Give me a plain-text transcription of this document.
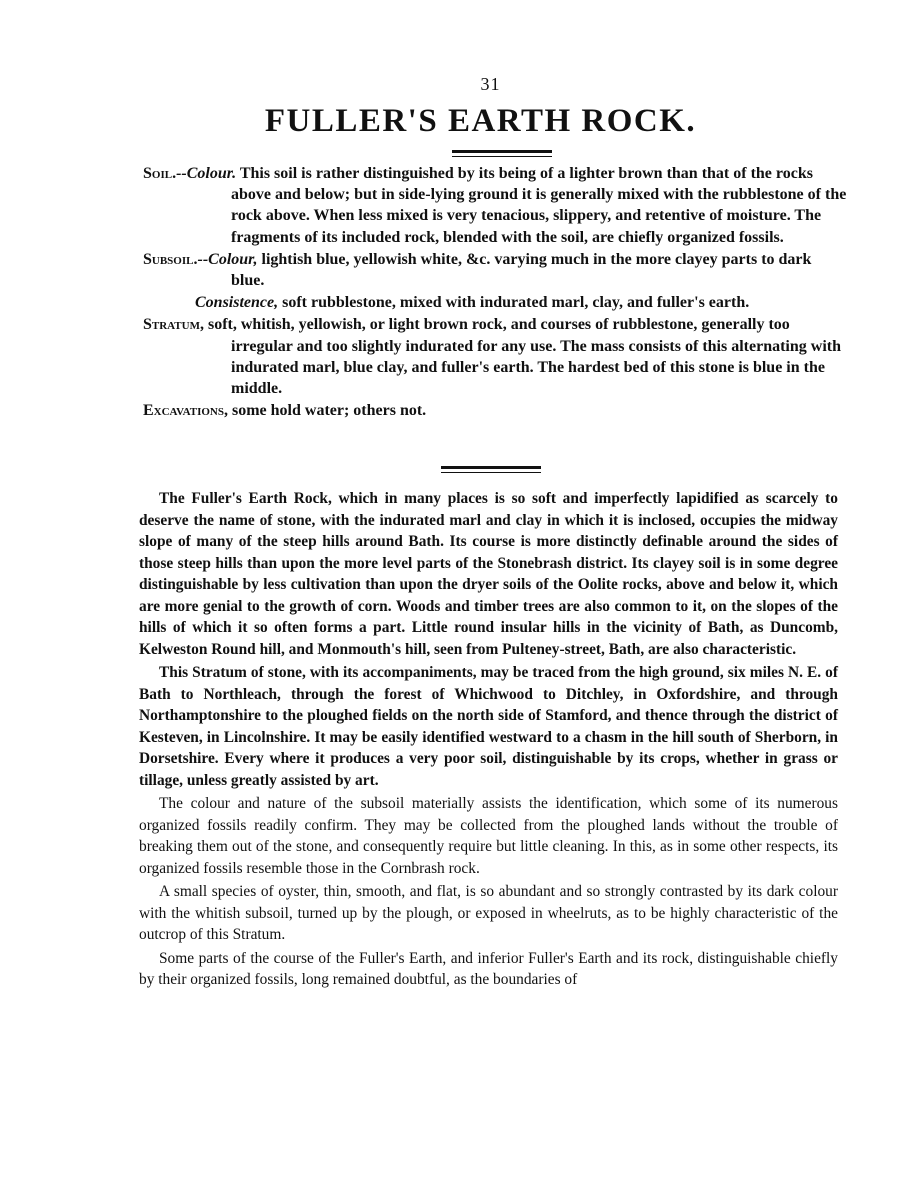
31
FULLER'S EARTH ROCK.

Soil.--Colour. This soil is rather distinguished by its being of a lighter brown than that of the rocks above and below; but in side-lying ground it is generally mixed with the rubblestone of the rock above. When less mixed is very tenacious, slippery, and retentive of moisture. The fragments of its included rock, blended with the soil, are chiefly organized fossils.

Subsoil.--Colour, lightish blue, yellowish white, &c. varying much in the more clayey parts to dark blue.

Consistence, soft rubblestone, mixed with indurated marl, clay, and fuller's earth.

Stratum, soft, whitish, yellowish, or light brown rock, and courses of rubblestone, generally too irregular and too slightly indurated for any use. The mass consists of this alternating with indurated marl, blue clay, and fuller's earth. The hardest bed of this stone is blue in the middle.

Excavations, some hold water; others not.

The Fuller's Earth Rock, which in many places is so soft and imperfectly lapidified as scarcely to deserve the name of stone, with the indurated marl and clay in which it is inclosed, occupies the midway slope of many of the steep hills around Bath. Its course is more distinctly definable around the sides of those steep hills than upon the more level parts of the Stonebrash district. Its clayey soil is in some degree distinguishable by less cultivation than upon the dryer soils of the Oolite rocks, above and below it, which are more genial to the growth of corn. Woods and timber trees are also common to it, on the slopes of the hills of which it so often forms a part. Little round insular hills in the vicinity of Bath, as Duncomb, Kelweston Round hill, and Monmouth's hill, seen from Pulteney-street, Bath, are also characteristic.

This Stratum of stone, with its accompaniments, may be traced from the high ground, six miles N. E. of Bath to Northleach, through the forest of Whichwood to Ditchley, in Oxfordshire, and through Northamptonshire to the ploughed fields on the north side of Stamford, and thence through the district of Kesteven, in Lincolnshire. It may be easily identified westward to a chasm in the hill south of Sherborn, in Dorsetshire. Every where it produces a very poor soil, distinguishable by its crops, whether in grass or tillage, unless greatly assisted by art.

The colour and nature of the subsoil materially assists the identification, which some of its numerous organized fossils readily confirm. They may be collected from the ploughed lands without the trouble of breaking them out of the stone, and consequently require but little cleaning. In this, as in some other respects, its organized fossils resemble those in the Cornbrash rock.

A small species of oyster, thin, smooth, and flat, is so abundant and so strongly contrasted by its dark colour with the whitish subsoil, turned up by the plough, or exposed in wheelruts, as to be highly characteristic of the outcrop of this Stratum.

Some parts of the course of the Fuller's Earth, and inferior Fuller's Earth and its rock, distinguishable chiefly by their organized fossils, long remained doubtful, as the boundaries of
